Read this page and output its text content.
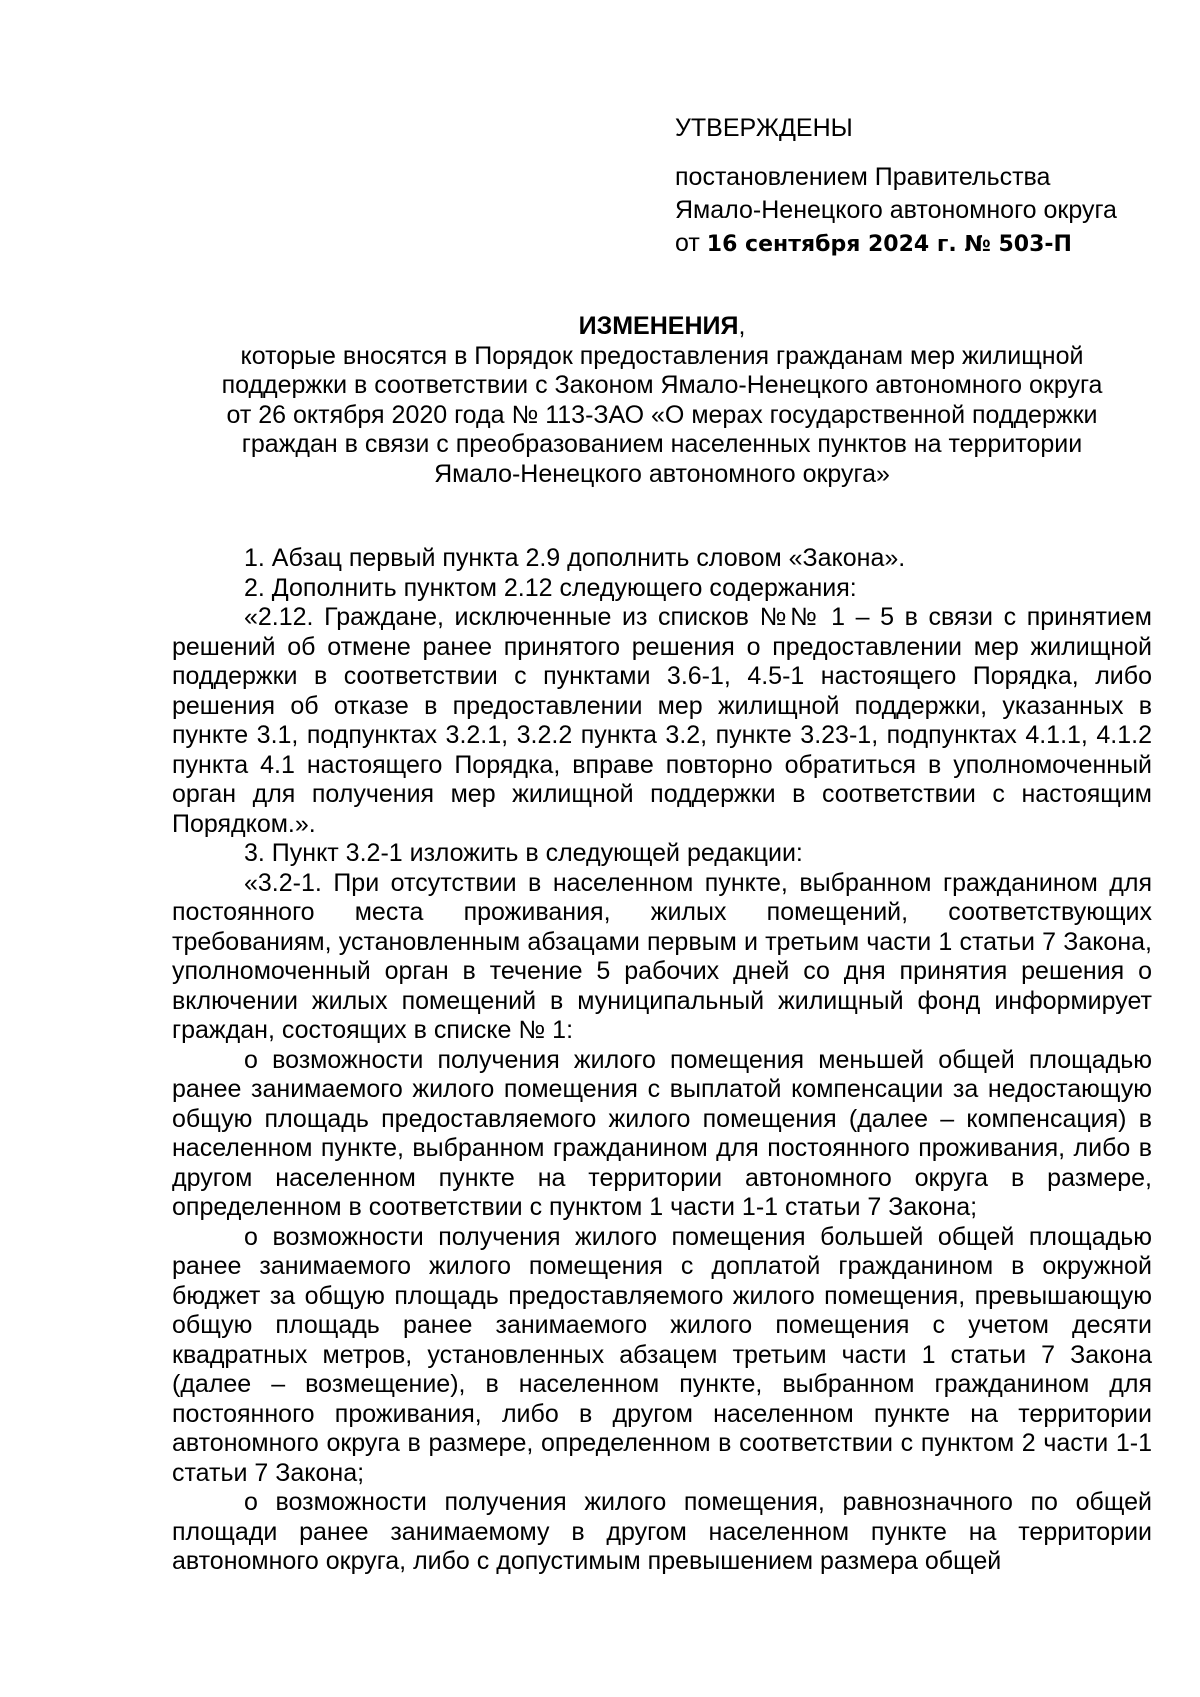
УТВЕРЖДЕНЫ
постановлением Правительства
Ямало-Ненецкого автономного округа
от 16 сентября 2024 г. № 503-П
ИЗМЕНЕНИЯ,
которые вносятся в Порядок предоставления гражданам мер жилищной
поддержки в соответствии с Законом Ямало-Ненецкого автономного округа
от 26 октября 2020 года № 113-ЗАО «О мерах государственной поддержки
граждан в связи с преобразованием населенных пунктов на территории
Ямало-Ненецкого автономного округа»

1. Абзац первый пункта 2.9 дополнить словом «Закона».

2. Дополнить пунктом 2.12 следующего содержания:

«2.12. Граждане, исключенные из списков №№ 1 – 5 в связи с принятием решений об отмене ранее принятого решения о предоставлении мер жилищной поддержки в соответствии с пунктами 3.6-1, 4.5-1 настоящего Порядка, либо решения об отказе в предоставлении мер жилищной поддержки, указанных в пункте 3.1, подпунктах 3.2.1, 3.2.2 пункта 3.2, пункте 3.23-1, подпунктах 4.1.1, 4.1.2 пункта 4.1 настоящего Порядка, вправе повторно обратиться в уполномоченный орган для получения мер жилищной поддержки в соответствии с настоящим Порядком.».

3. Пункт 3.2-1 изложить в следующей редакции:

«3.2-1. При отсутствии в населенном пункте, выбранном гражданином для постоянного места проживания, жилых помещений, соответствующих требованиям, установленным абзацами первым и третьим части 1 статьи 7 Закона, уполномоченный орган в течение 5 рабочих дней со дня принятия решения о включении жилых помещений в муниципальный жилищный фонд информирует граждан, состоящих в списке № 1:

о возможности получения жилого помещения меньшей общей площадью ранее занимаемого жилого помещения с выплатой компенсации за недостающую общую площадь предоставляемого жилого помещения (далее – компенсация) в населенном пункте, выбранном гражданином для постоянного проживания, либо в другом населенном пункте на территории автономного округа в размере, определенном в соответствии с пунктом 1 части 1-1 статьи 7 Закона;

о возможности получения жилого помещения большей общей площадью ранее занимаемого жилого помещения с доплатой гражданином в окружной бюджет за общую площадь предоставляемого жилого помещения, превышающую общую площадь ранее занимаемого жилого помещения с учетом десяти квадратных метров, установленных абзацем третьим части 1 статьи 7 Закона (далее – возмещение), в населенном пункте, выбранном гражданином для постоянного проживания, либо в другом населенном пункте на территории автономного округа в размере, определенном в соответствии с пунктом 2 части 1-1 статьи 7 Закона;

о возможности получения жилого помещения, равнозначного по общей площади ранее занимаемому в другом населенном пункте на территории автономного округа, либо с допустимым превышением размера общей
